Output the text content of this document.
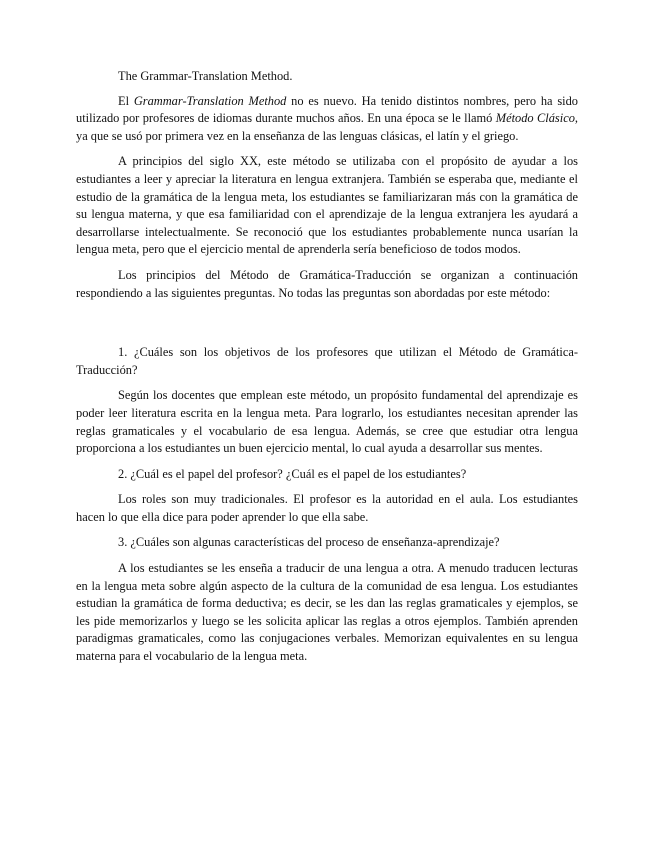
The Grammar-Translation Method.

El Grammar-Translation Method no es nuevo. Ha tenido distintos nombres, pero ha sido utilizado por profesores de idiomas durante muchos años. En una época se le llamó Método Clásico, ya que se usó por primera vez en la enseñanza de las lenguas clásicas, el latín y el griego.

A principios del siglo XX, este método se utilizaba con el propósito de ayudar a los estudiantes a leer y apreciar la literatura en lengua extranjera. También se esperaba que, mediante el estudio de la gramática de la lengua meta, los estudiantes se familiarizaran más con la gramática de su lengua materna, y que esa familiaridad con el aprendizaje de la lengua extranjera les ayudará a desarrollarse intelectualmente. Se reconoció que los estudiantes probablemente nunca usarían la lengua meta, pero que el ejercicio mental de aprenderla sería beneficioso de todos modos.

Los principios del Método de Gramática-Traducción se organizan a continuación respondiendo a las siguientes preguntas. No todas las preguntas son abordadas por este método:

1. ¿Cuáles son los objetivos de los profesores que utilizan el Método de Gramática-Traducción?

Según los docentes que emplean este método, un propósito fundamental del aprendizaje es poder leer literatura escrita en la lengua meta. Para lograrlo, los estudiantes necesitan aprender las reglas gramaticales y el vocabulario de esa lengua. Además, se cree que estudiar otra lengua proporciona a los estudiantes un buen ejercicio mental, lo cual ayuda a desarrollar sus mentes.

2. ¿Cuál es el papel del profesor? ¿Cuál es el papel de los estudiantes?

Los roles son muy tradicionales. El profesor es la autoridad en el aula. Los estudiantes hacen lo que ella dice para poder aprender lo que ella sabe.

3. ¿Cuáles son algunas características del proceso de enseñanza-aprendizaje?

A los estudiantes se les enseña a traducir de una lengua a otra. A menudo traducen lecturas en la lengua meta sobre algún aspecto de la cultura de la comunidad de esa lengua. Los estudiantes estudian la gramática de forma deductiva; es decir, se les dan las reglas gramaticales y ejemplos, se les pide memorizarlos y luego se les solicita aplicar las reglas a otros ejemplos. También aprenden paradigmas gramaticales, como las conjugaciones verbales. Memorizan equivalentes en su lengua materna para el vocabulario de la lengua meta.
